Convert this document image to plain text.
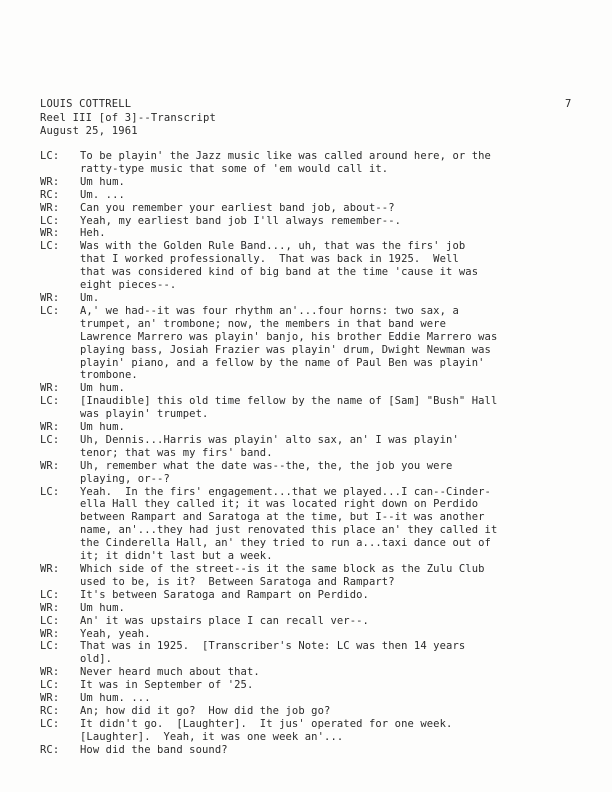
LOUIS COTTRELL
Reel III [of 3]--Transcript
August 25, 1961
7
LC:	To be playin' the Jazz music like was called around here, or the
ratty-type music that some of 'em would call it.
WR:	Um hum.
RC:	Um. ...
WR:	Can you remember your earliest band job, about--?
LC:	Yeah, my earliest band job I'll always remember--.
WR:	Heh.
LC:	Was with the Golden Rule Band..., uh, that was the firs' job
that I worked professionally.  That was back in 1925.  Well
that was considered kind of big band at the time 'cause it was
eight pieces--.
WR:	Um.
LC:	A,' we had--it was four rhythm an'...four horns: two sax, a
trumpet, an' trombone; now, the members in that band were
Lawrence Marrero was playin' banjo, his brother Eddie Marrero was
playing bass, Josiah Frazier was playin' drum, Dwight Newman was
playin' piano, and a fellow by the name of Paul Ben was playin'
trombone.
WR:	Um hum.
LC:	[Inaudible] this old time fellow by the name of [Sam] "Bush" Hall
was playin' trumpet.
WR:	Um hum.
LC:	Uh, Dennis...Harris was playin' alto sax, an' I was playin'
tenor; that was my firs' band.
WR:	Uh, remember what the date was--the, the, the job you were
playing, or--?
LC:	Yeah.  In the firs' engagement...that we played...I can--Cinder-
ella Hall they called it; it was located right down on Perdido
between Rampart and Saratoga at the time, but I--it was another
name, an'...they had just renovated this place an' they called it
the Cinderella Hall, an' they tried to run a...taxi dance out of
it; it didn't last but a week.
WR:	Which side of the street--is it the same block as the Zulu Club
used to be, is it?  Between Saratoga and Rampart?
LC:	It's between Saratoga and Rampart on Perdido.
WR:	Um hum.
LC:	An' it was upstairs place I can recall ver--.
WR:	Yeah, yeah.
LC:	That was in 1925.  [Transcriber's Note: LC was then 14 years
old].
WR:	Never heard much about that.
LC:	It was in September of '25.
WR:	Um hum. ...
RC:	An; how did it go?  How did the job go?
LC:	It didn't go.  [Laughter].  It jus' operated for one week.
[Laughter].  Yeah, it was one week an'...
RC:	How did the band sound?
